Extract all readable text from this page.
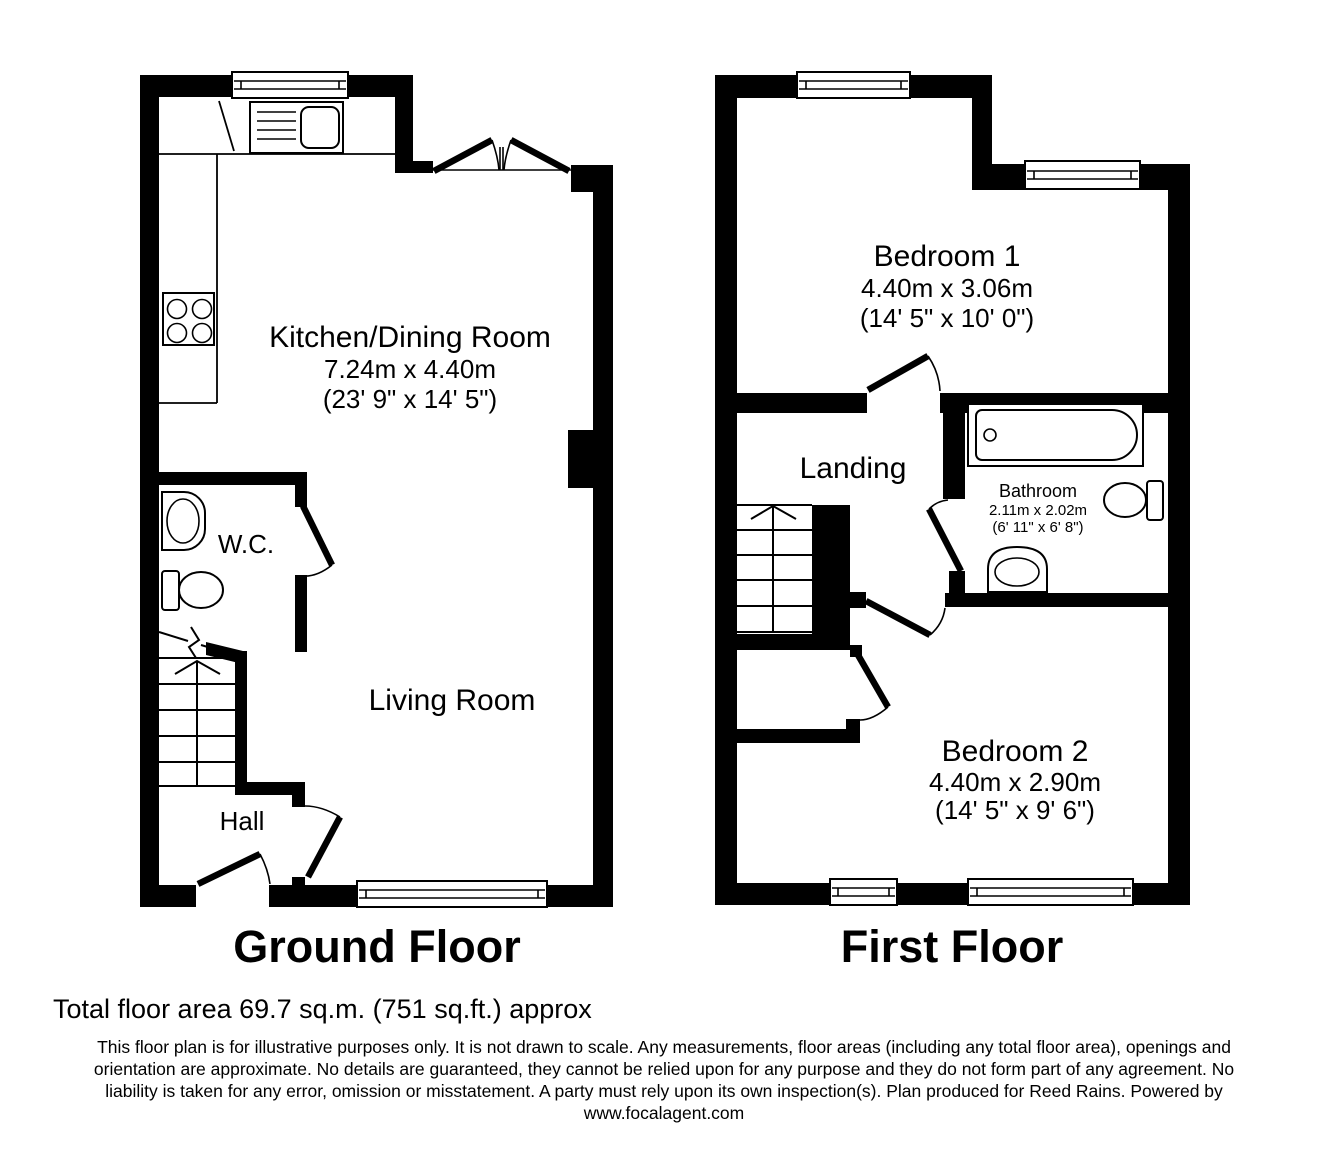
Kitchen/Dining Room
7.24m x 4.40m
(23' 9" x 14' 5")
W.C.
Living Room
Hall
Bedroom 1
4.40m x 3.06m
(14' 5" x 10' 0")
Landing
Bathroom
2.11m x 2.02m
(6' 11" x 6' 8")
Bedroom 2
4.40m x 2.90m
(14' 5" x 9' 6")
Ground Floor	First Floor
Total floor area 69.7 sq.m. (751 sq.ft.) approx
This floor plan is for illustrative purposes only. It is not drawn to scale. Any measurements, floor areas (including any total floor area), openings and
orientation are approximate. No details are guaranteed, they cannot be relied upon for any purpose and they do not form part of any agreement. No
liability is taken for any error, omission or misstatement. A party must rely upon its own inspection(s). Plan produced for Reed Rains. Powered by
www.focalagent.com
